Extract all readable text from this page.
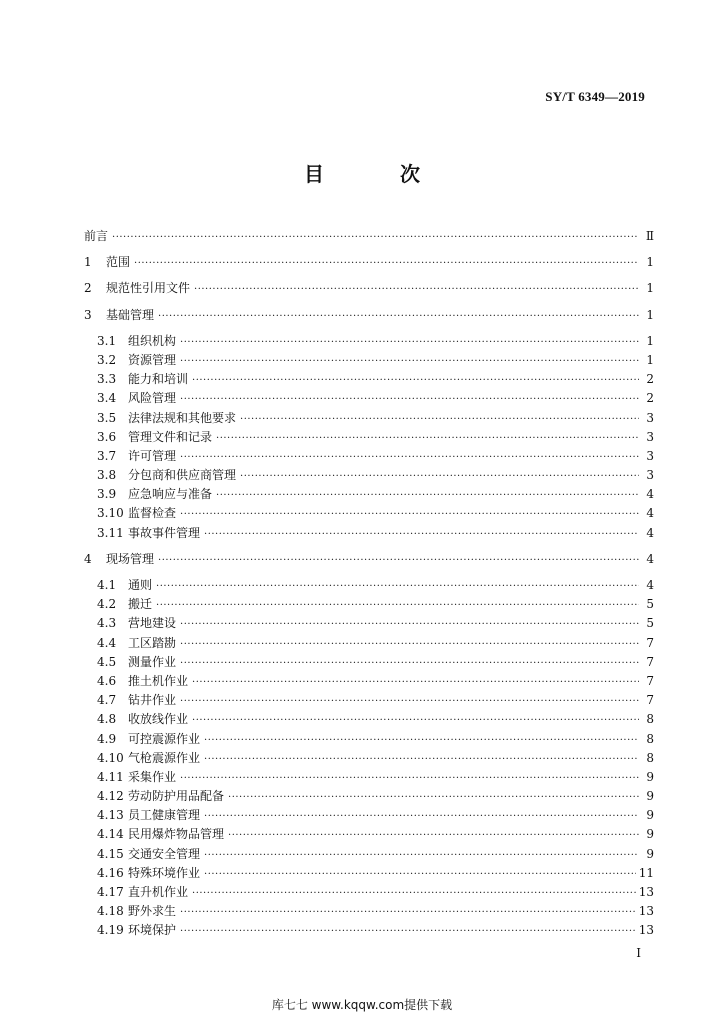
SY/T 6349—2019
目　次
前言 ·····	Ⅱ
1	范围 ·····	1
2	规范性引用文件 ·····	1
3	基础管理 ·····	1
3.1 组织机构 ·····	1
3.2 资源管理 ·····	1
3.3 能力和培训 ·····	2
3.4 风险管理 ·····	2
3.5 法律法规和其他要求 ·····	3
3.6 管理文件和记录 ·····	3
3.7 许可管理 ·····	3
3.8 分包商和供应商管理 ·····	3
3.9 应急响应与准备 ·····	4
3.10 监督检查 ·····	4
3.11 事故事件管理 ·····	4
4	现场管理 ·····	4
4.1 通则 ·····	4
4.2 搬迁 ·····	5
4.3 营地建设 ·····	5
4.4 工区踏勘 ·····	7
4.5 测量作业 ·····	7
4.6 推土机作业 ·····	7
4.7 钻井作业 ·····	7
4.8 收放线作业 ·····	8
4.9 可控震源作业 ·····	8
4.10 气枪震源作业 ·····	8
4.11 采集作业 ·····	9
4.12 劳动防护用品配备 ·····	9
4.13 员工健康管理 ·····	9
4.14 民用爆炸物品管理 ·····	9
4.15 交通安全管理 ·····	9
4.16 特殊环境作业 ·····	11
4.17 直升机作业 ·····	13
4.18 野外求生 ·····	13
4.19 环境保护 ·····	13
I
库七七 www.kqqw.com提供下载
